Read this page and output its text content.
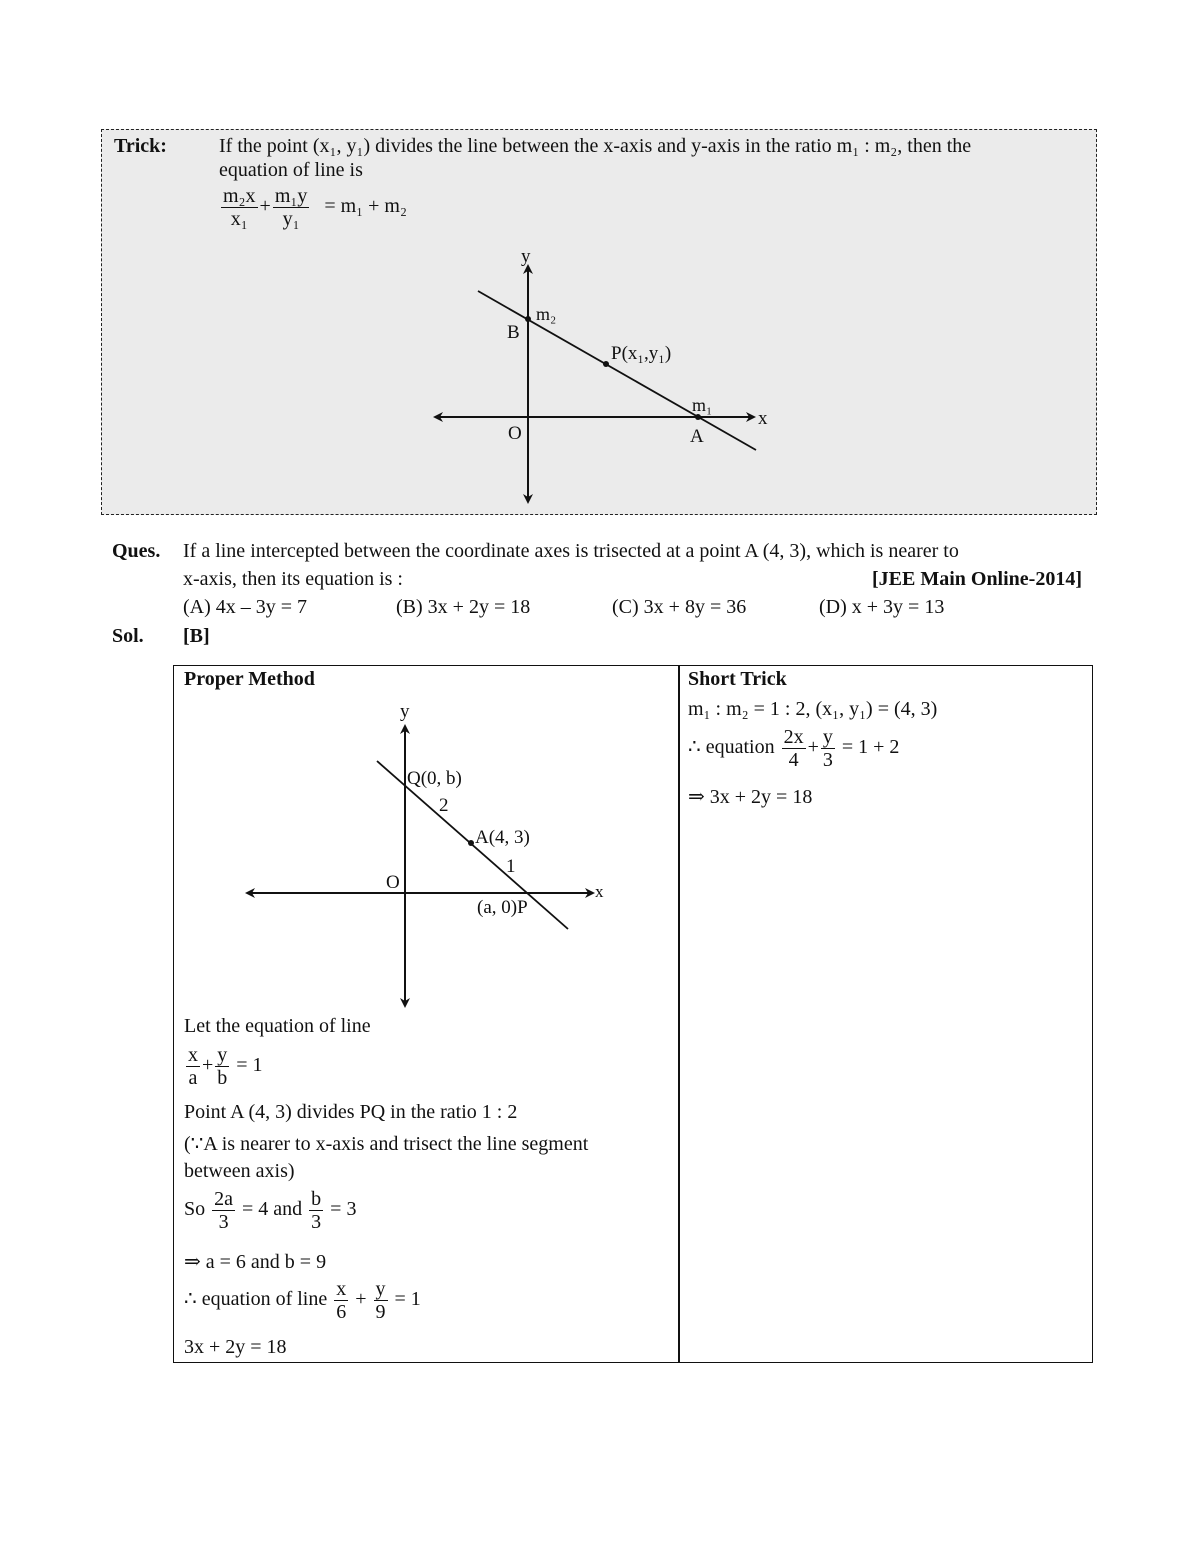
Trick:	If the point (x₁, y₁) divides the line between the x-axis and y-axis in the ratio m₁ : m₂, then the
equation of line is
$\frac{\text{m₂x}}{\text{x₁}} + \frac{\text{m₁y}}{\text{y₁}} = m_1 + m_2$
y
x
m₂
B
P(x₁,y₁)
m₁
O	A
Ques. If a line intercepted between the coordinate axes is trisected at a point A (4, 3), which is nearer to
x-axis, then its equation is :	[JEE Main Online-2014]
(A) 4x – 3y = 7	(B) 3x + 2y = 18	(C) 3x + 8y = 36	(D) x + 3y = 13
Sol. [B]
Proper Method
y
Q(0, b)
2
A(4, 3)
1
O
(a, 0)P
x
Let the equation of line
$\frac{x}{a} + \frac{y}{b} = 1$
Point A (4, 3) divides PQ in the ratio 1 : 2
(∵A is nearer to x-axis and trisect the line segment
between axis)
So $\frac{2a}{3} = 4$ and $\frac{b}{3} = 3$
⇒ a = 6 and b = 9
∴ equation of line $\frac{x}{6} + \frac{y}{9} = 1$
3x + 2y = 18
Short Trick
m₁ : m₂ = 1 : 2, (x₁, y₁) = (4, 3)
∴ equation $\frac{2x}{4} + \frac{y}{3} = 1 + 2$
⇒ 3x + 2y = 18
